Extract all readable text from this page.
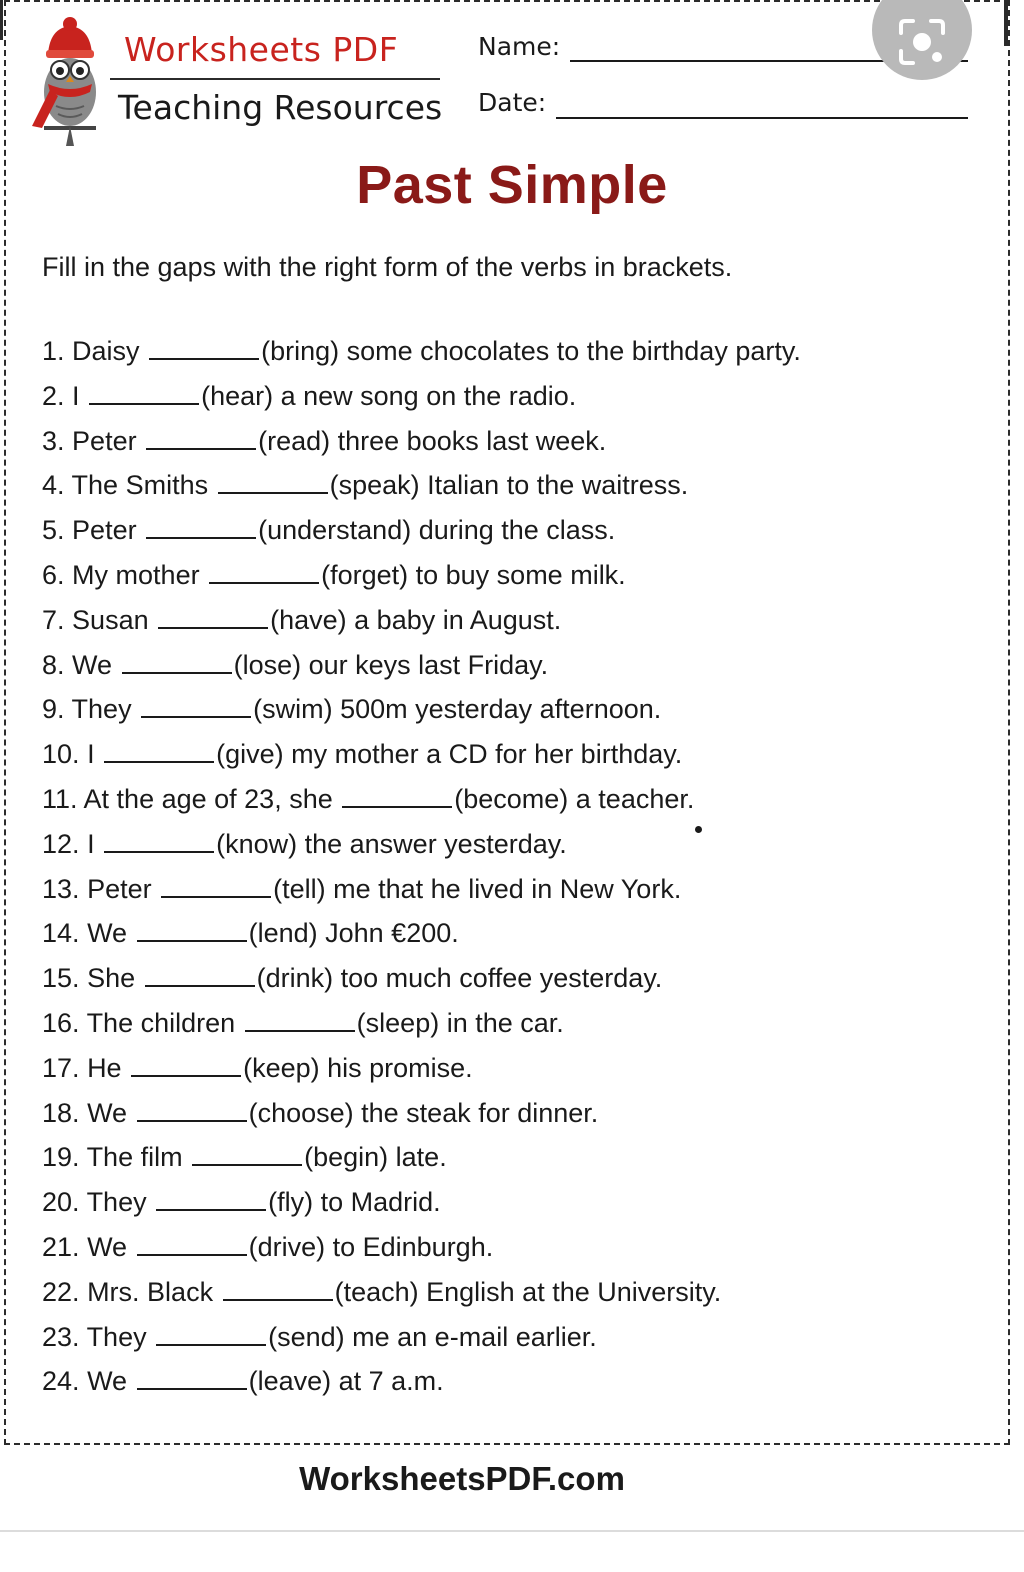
Worksheets PDF
Teaching Resources
Name:
Date:
Past Simple
Fill in the gaps with the right form of the verbs in brackets.
1. Daisy	(bring) some chocolates to the birthday party.
2. I	(hear) a new song on the radio.
3. Peter	(read) three books last week.
4. The Smiths	(speak) Italian to the waitress.
5. Peter	(understand) during the class.
6. My mother	(forget) to buy some milk.
7. Susan	(have) a baby in August.
8. We	(lose) our keys last Friday.
9. They	(swim) 500m yesterday afternoon.
10. I	(give) my mother a CD for her birthday.
11. At the age of 23, she	(become) a teacher.
12. I	(know) the answer yesterday.
13. Peter	(tell) me that he lived in New York.
14. We	(lend) John €200.
15. She	(drink) too much coffee yesterday.
16. The children	(sleep) in the car.
17. He	(keep) his promise.
18. We	(choose) the steak for dinner.
19. The film	(begin) late.
20. They	(fly) to Madrid.
21. We	(drive) to Edinburgh.
22. Mrs. Black	(teach) English at the University.
23. They	(send) me an e-mail earlier.
24. We	(leave) at 7 a.m.
WorksheetsPDF.com
